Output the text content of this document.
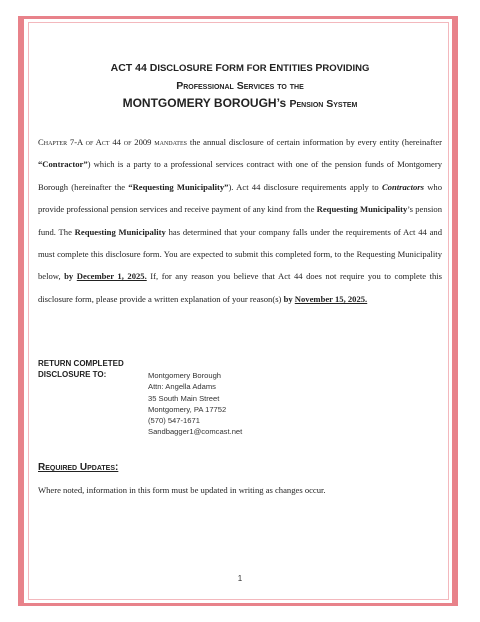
ACT 44 DISCLOSURE FORM FOR ENTITIES PROVIDING
Professional Services to the
MONTGOMERY BOROUGH’s Pension System
Chapter 7-A of Act 44 of 2009 mandates the annual disclosure of certain information by every entity (hereinafter “Contractor”) which is a party to a professional services contract with one of the pension funds of Montgomery Borough (hereinafter the “Requesting Municipality”). Act 44 disclosure requirements apply to Contractors who provide professional pension services and receive payment of any kind from the Requesting Municipality’s pension fund. The Requesting Municipality has determined that your company falls under the requirements of Act 44 and must complete this disclosure form. You are expected to submit this completed form, to the Requesting Municipality below, by December 1, 2025. If, for any reason you believe that Act 44 does not require you to complete this disclosure form, please provide a written explanation of your reason(s) by November 15, 2025.
RETURN COMPLETED
DISCLOSURE TO:	Montgomery Borough
Attn: Angella Adams
35 South Main Street
Montgomery, PA 17752
(570) 547-1671
Sandbagger1@comcast.net
Required Updates:
Where noted, information in this form must be updated in writing as changes occur.
1
